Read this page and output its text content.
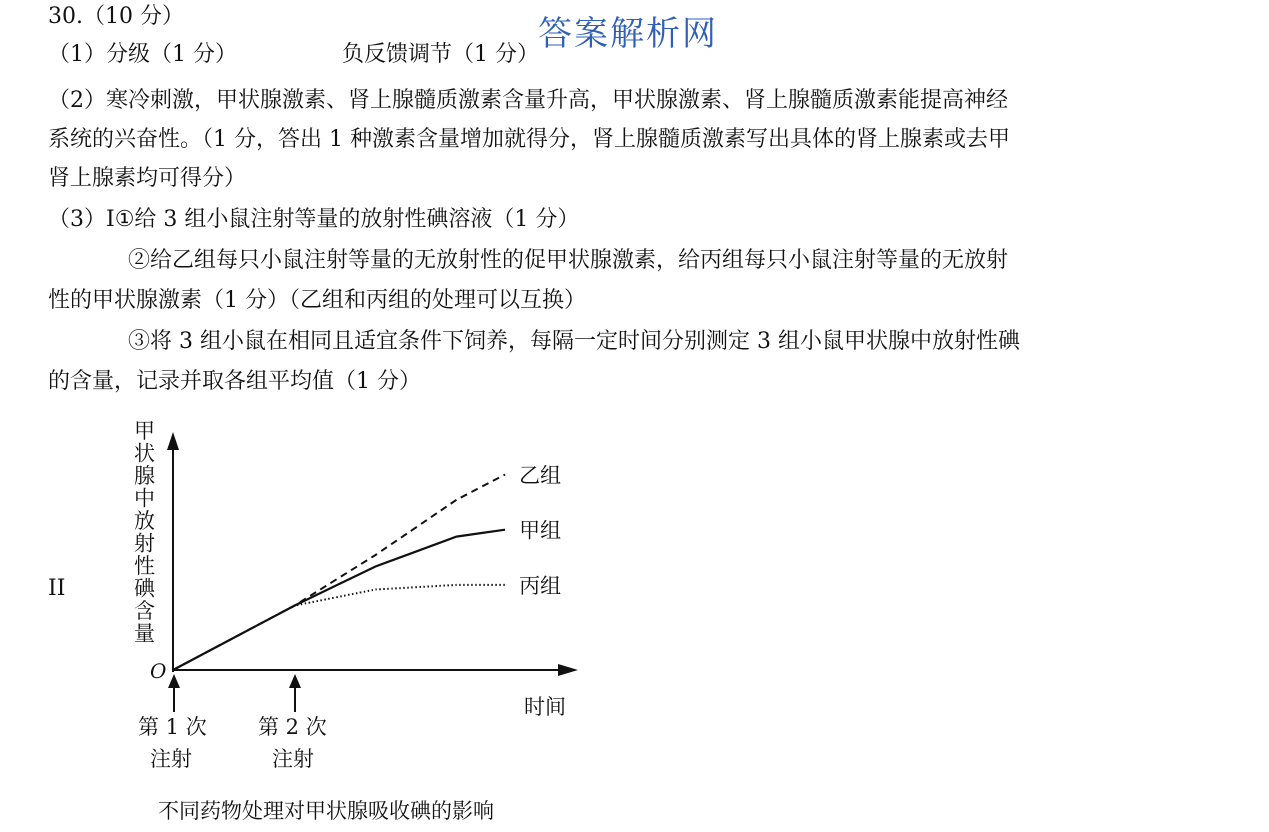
答案解析网
30.（10 分）
（1）分级（1 分）	负反馈调节（1 分）
（2）寒冷刺激，甲状腺激素、肾上腺髓质激素含量升高，甲状腺激素、肾上腺髓质激素能提高神经
系统的兴奋性。（1 分，答出 1 种激素含量增加就得分，肾上腺髓质激素写出具体的肾上腺素或去甲
肾上腺素均可得分）
（3）I①给 3 组小鼠注射等量的放射性碘溶液（1 分）
②给乙组每只小鼠注射等量的无放射性的促甲状腺激素，给丙组每只小鼠注射等量的无放射
性的甲状腺激素（1 分）（乙组和丙组的处理可以互换）
③将 3 组小鼠在相同且适宜条件下饲养，每隔一定时间分别测定 3 组小鼠甲状腺中放射性碘
的含量，记录并取各组平均值（1 分）
II
甲状腺中放射性碘含量
O
时间
第 1 次
注射
第 2 次
注射
乙组
甲组
丙组
不同药物处理对甲状腺吸收碘的影响
